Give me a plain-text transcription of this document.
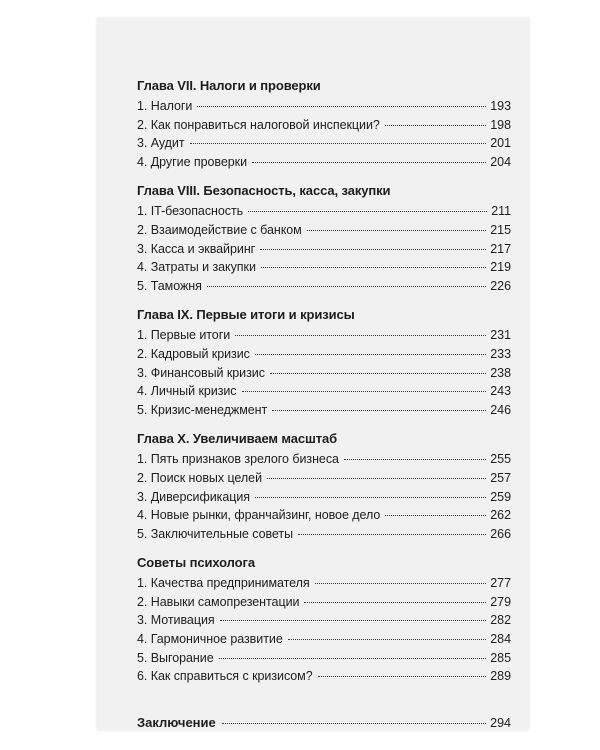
Глава VII. Налоги и проверки
1. Налоги	193
2. Как понравиться налоговой инспекции?	198
3. Аудит	201
4. Другие проверки	204
Глава VIII. Безопасность, касса, закупки
1. IT-безопасность	211
2. Взаимодействие с банком	215
3. Касса и эквайринг	217
4. Затраты и закупки	219
5. Таможня	226
Глава IX. Первые итоги и кризисы
1. Первые итоги	231
2. Кадровый кризис	233
3. Финансовый кризис	238
4. Личный кризис	243
5. Кризис-менеджмент	246
Глава X. Увеличиваем масштаб
1. Пять признаков зрелого бизнеса	255
2. Поиск новых целей	257
3. Диверсификация	259
4. Новые рынки, франчайзинг, новое дело	262
5. Заключительные советы	266
Советы психолога
1. Качества предпринимателя	277
2. Навыки самопрезентации	279
3. Мотивация	282
4. Гармоничное развитие	284
5. Выгорание	285
6. Как справиться с кризисом?	289
Заключение	294
